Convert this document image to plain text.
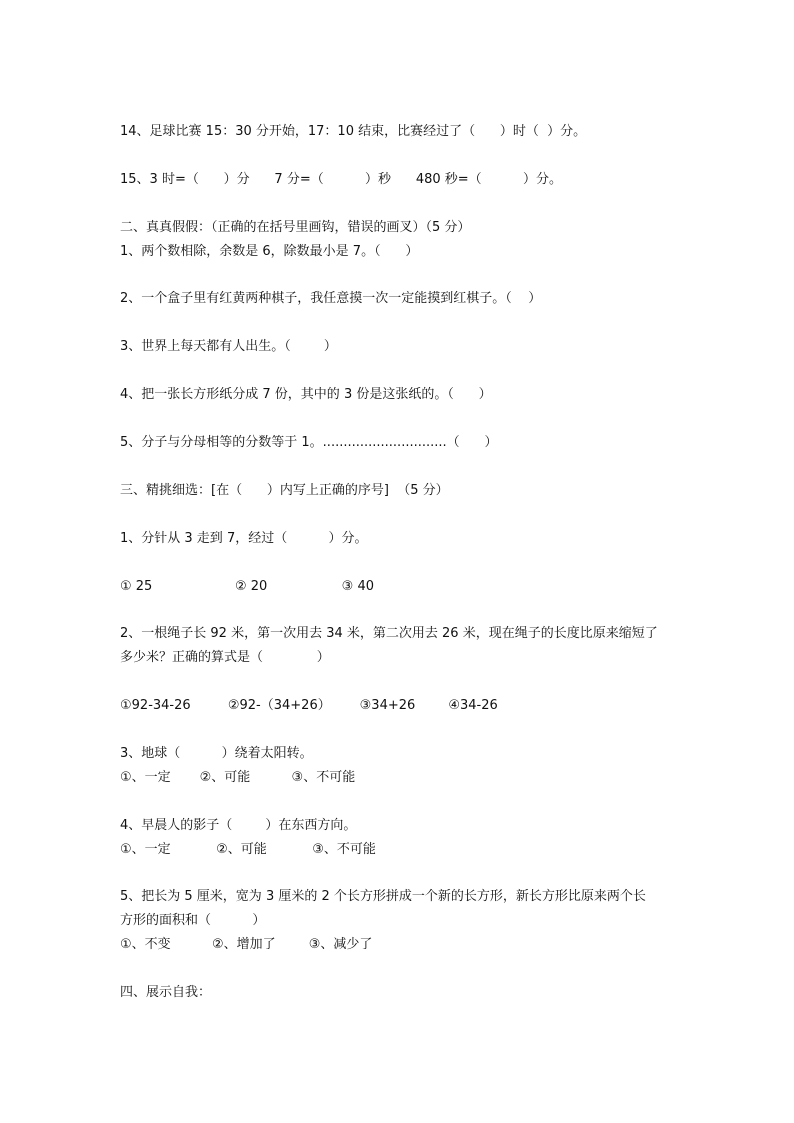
14、足球比赛 15：30 分开始，17：10 结束，比赛经过了（      ）时（  ）分。
15、3 时=（      ）分      7 分=（          ）秒      480 秒=（          ）分。
二、真真假假：（正确的在括号里画钩，错误的画叉）（5 分）
1、两个数相除，余数是 6，除数最小是 7。（      ）
2、一个盒子里有红黄两种棋子，我任意摸一次一定能摸到红棋子。（    ）
3、世界上每天都有人出生。（        ）
4、把一张长方形纸分成 7 份，其中的 3 份是这张纸的。（      ）
5、分子与分母相等的分数等于 1。..............................（      ）
三、精挑细选：[在（      ）内写上正确的序号]  （5 分）
1、分针从 3 走到 7，经过（          ）分。
① 25                    ② 20                  ③ 40
2、一根绳子长 92 米，第一次用去 34 米，第二次用去 26 米，现在绳子的长度比原来缩短了
多少米？正确的算式是（             ）
①92-34-26         ②92-（34+26）       ③34+26        ④34-26
3、地球（          ）绕着太阳转。
①、一定       ②、可能          ③、不可能
4、早晨人的影子（        ）在东西方向。
①、一定           ②、可能           ③、不可能
5、把长为 5 厘米，宽为 3 厘米的 2 个长方形拼成一个新的长方形，新长方形比原来两个长
方形的面积和（          ）
①、不变          ②、增加了        ③、减少了
四、展示自我：
